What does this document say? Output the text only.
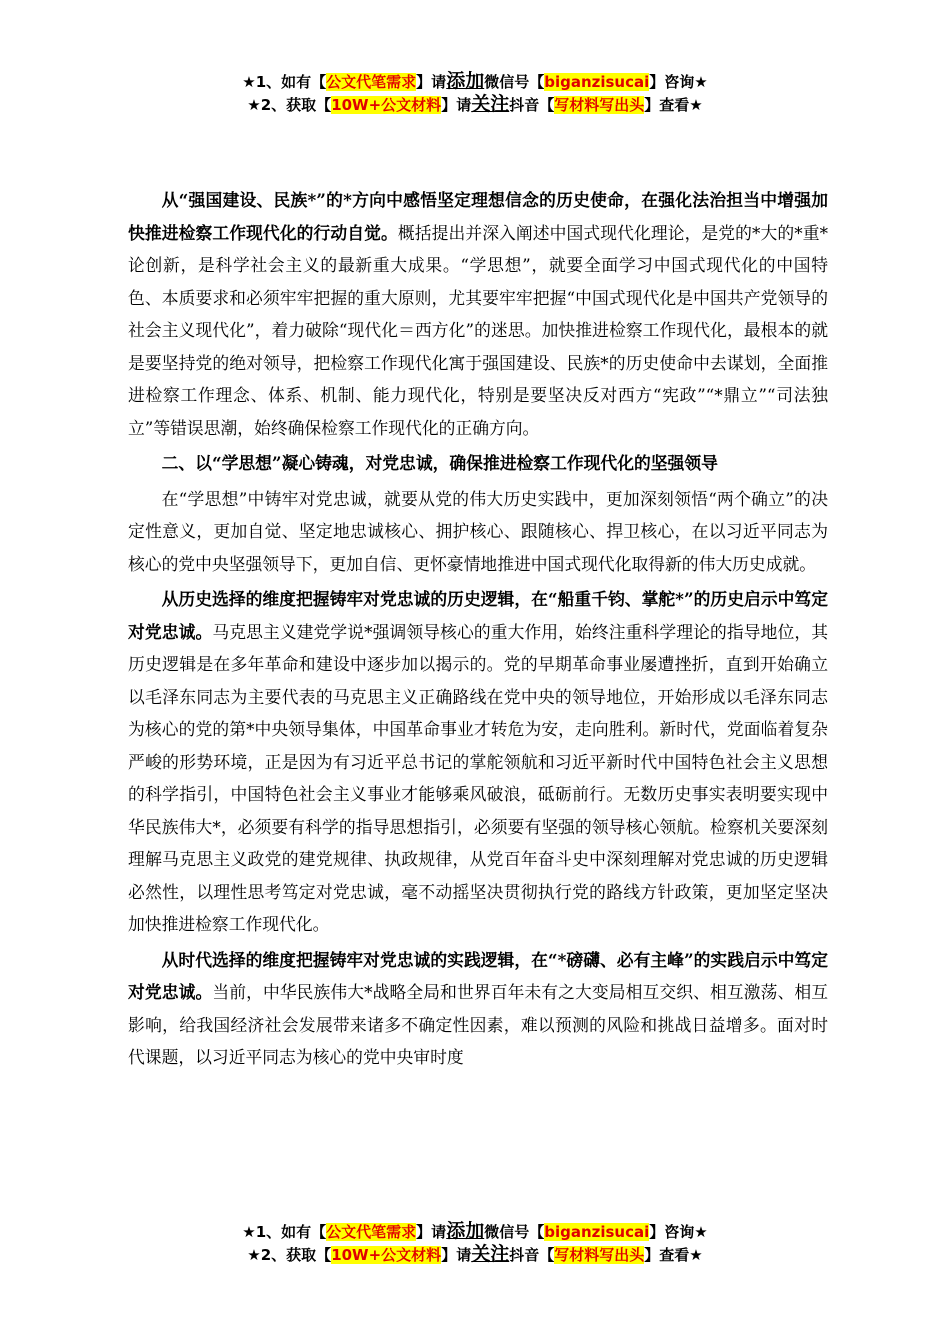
★1、如有【公文代笔需求】请添加微信号【biganzisucai】咨询★
★2、获取【10W+公文材料】请关注抖音【写材料写出头】查看★

从“强国建设、民族*”的*方向中感悟坚定理想信念的历史使命，在强化法治担当中增强加快推进检察工作现代化的行动自觉。概括提出并深入阐述中国式现代化理论，是党的*大的*重*论创新，是科学社会主义的最新重大成果。“学思想”，就要全面学习中国式现代化的中国特色、本质要求和必须牢牢把握的重大原则，尤其要牢牢把握“中国式现代化是中国共产党领导的社会主义现代化”，着力破除“现代化＝西方化”的迷思。加快推进检察工作现代化，最根本的就是要坚持党的绝对领导，把检察工作现代化寓于强国建设、民族*的历史使命中去谋划，全面推进检察工作理念、体系、机制、能力现代化，特别是要坚决反对西方“宪政”“*鼎立”“司法独立”等错误思潮，始终确保检察工作现代化的正确方向。

二、以“学思想”凝心铸魂，对党忠诚，确保推进检察工作现代化的坚强领导

在“学思想”中铸牢对党忠诚，就要从党的伟大历史实践中，更加深刻领悟“两个确立”的决定性意义，更加自觉、坚定地忠诚核心、拥护核心、跟随核心、捍卫核心，在以习近平同志为核心的党中央坚强领导下，更加自信、更怀豪情地推进中国式现代化取得新的伟大历史成就。

从历史选择的维度把握铸牢对党忠诚的历史逻辑，在“船重千钧、掌舵*”的历史启示中笃定对党忠诚。马克思主义建党学说*强调领导核心的重大作用，始终注重科学理论的指导地位，其历史逻辑是在多年革命和建设中逐步加以揭示的。党的早期革命事业屡遭挫折，直到开始确立以毛泽东同志为主要代表的马克思主义正确路线在党中央的领导地位，开始形成以毛泽东同志为核心的党的第*中央领导集体，中国革命事业才转危为安，走向胜利。新时代，党面临着复杂严峻的形势环境，正是因为有习近平总书记的掌舵领航和习近平新时代中国特色社会主义思想的科学指引，中国特色社会主义事业才能够乘风破浪，砥砺前行。无数历史事实表明要实现中华民族伟大*，必须要有科学的指导思想指引，必须要有坚强的领导核心领航。检察机关要深刻理解马克思主义政党的建党规律、执政规律，从党百年奋斗史中深刻理解对党忠诚的历史逻辑必然性，以理性思考笃定对党忠诚，毫不动摇坚决贯彻执行党的路线方针政策，更加坚定坚决加快推进检察工作现代化。

从时代选择的维度把握铸牢对党忠诚的实践逻辑，在“*磅礴、必有主峰”的实践启示中笃定对党忠诚。当前，中华民族伟大*战略全局和世界百年未有之大变局相互交织、相互激荡、相互影响，给我国经济社会发展带来诸多不确定性因素，难以预测的风险和挑战日益增多。面对时代课题，以习近平同志为核心的党中央审时度

★1、如有【公文代笔需求】请添加微信号【biganzisucai】咨询★
★2、获取【10W+公文材料】请关注抖音【写材料写出头】查看★
